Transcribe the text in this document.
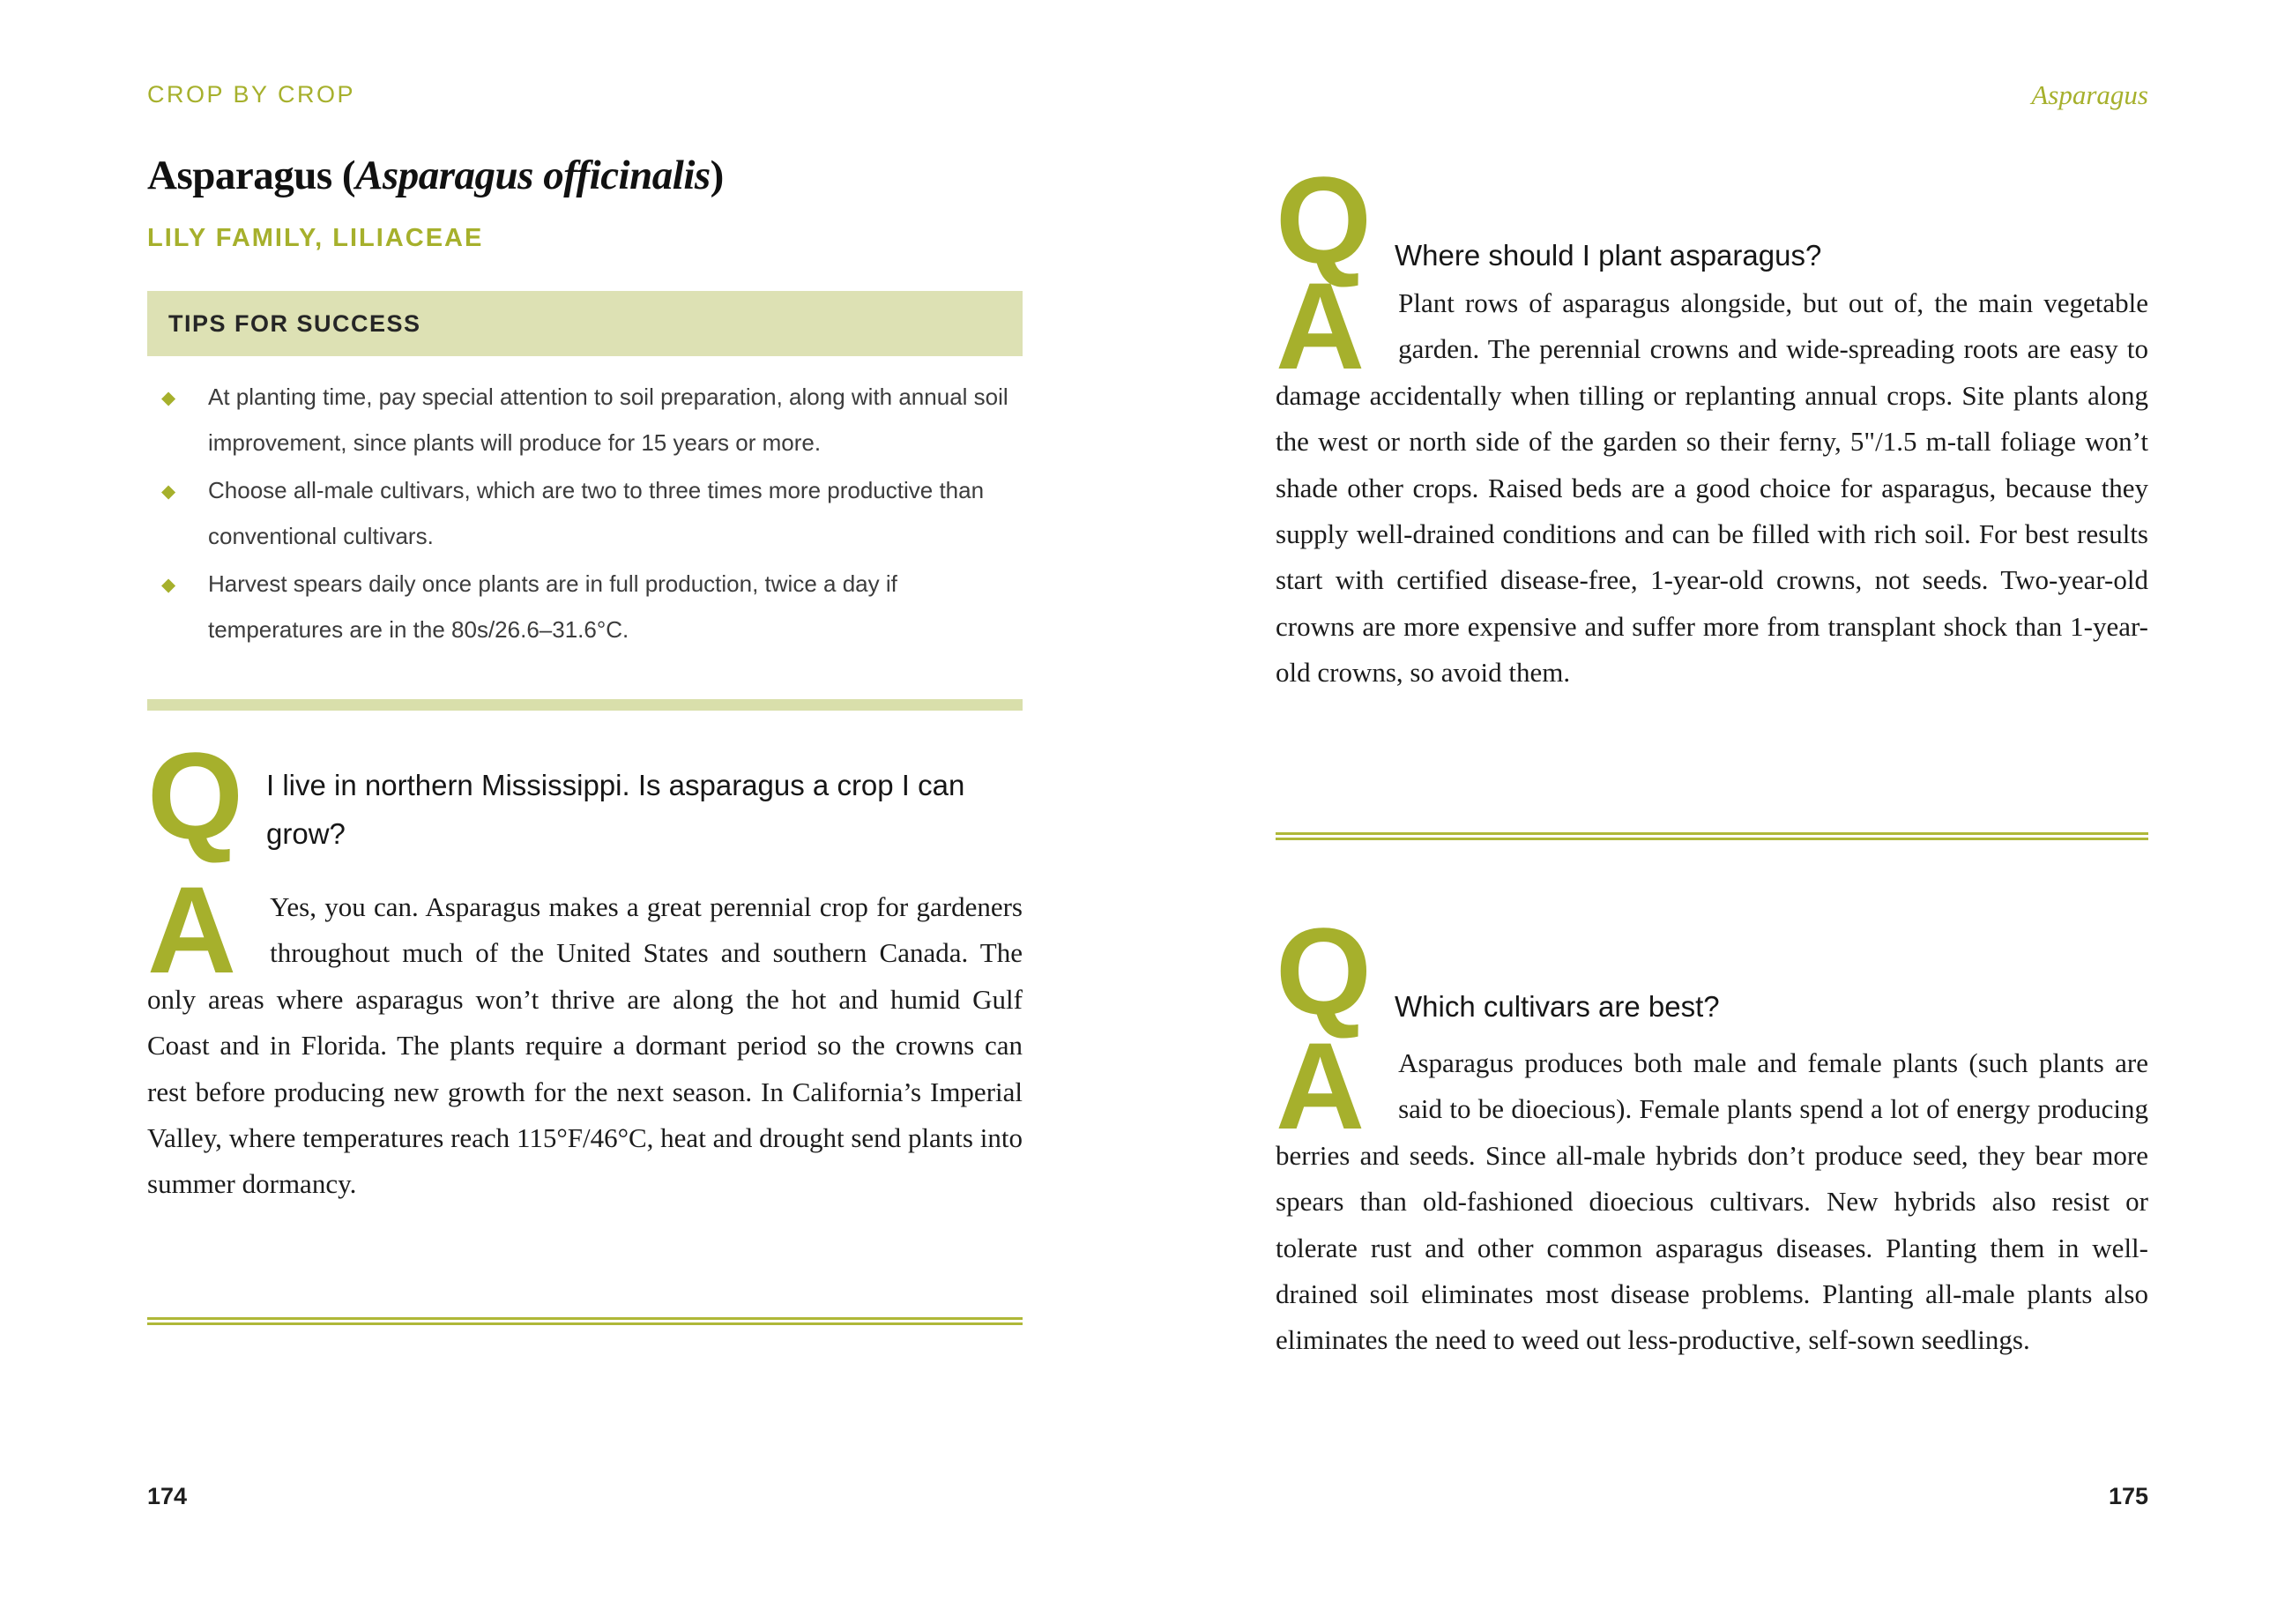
CROP BY CROP
Asparagus (Asparagus officinalis)
LILY FAMILY, LILIACEAE
TIPS FOR SUCCESS
◆ At planting time, pay special attention to soil preparation, along with annual soil improvement, since plants will produce for 15 years or more.
◆ Choose all-male cultivars, which are two to three times more productive than conventional cultivars.
◆ Harvest spears daily once plants are in full production, twice a day if temperatures are in the 80s/26.6–31.6°C.
Q I live in northern Mississippi. Is asparagus a crop I can grow?
A Yes, you can. Asparagus makes a great perennial crop for gardeners throughout much of the United States and southern Canada. The only areas where asparagus won’t thrive are along the hot and humid Gulf Coast and in Florida. The plants require a dormant period so the crowns can rest before producing new growth for the next season. In California’s Imperial Valley, where temperatures reach 115°F/46°C, heat and drought send plants into summer dormancy.
174
Asparagus
Q Where should I plant asparagus?
A Plant rows of asparagus alongside, but out of, the main vegetable garden. The perennial crowns and wide-spreading roots are easy to damage accidentally when tilling or replanting annual crops. Site plants along the west or north side of the garden so their ferny, 5"/1.5 m-tall foliage won’t shade other crops. Raised beds are a good choice for asparagus, because they supply well-drained conditions and can be filled with rich soil. For best results start with certified disease-free, 1-year-old crowns, not seeds. Two-year-old crowns are more expensive and suffer more from transplant shock than 1-year-old crowns, so avoid them.
Q Which cultivars are best?
A Asparagus produces both male and female plants (such plants are said to be dioecious). Female plants spend a lot of energy producing berries and seeds. Since all-male hybrids don’t produce seed, they bear more spears than old-fashioned dioecious cultivars. New hybrids also resist or tolerate rust and other common asparagus diseases. Planting them in well-drained soil eliminates most disease problems. Planting all-male plants also eliminates the need to weed out less-productive, self-sown seedlings.
175
